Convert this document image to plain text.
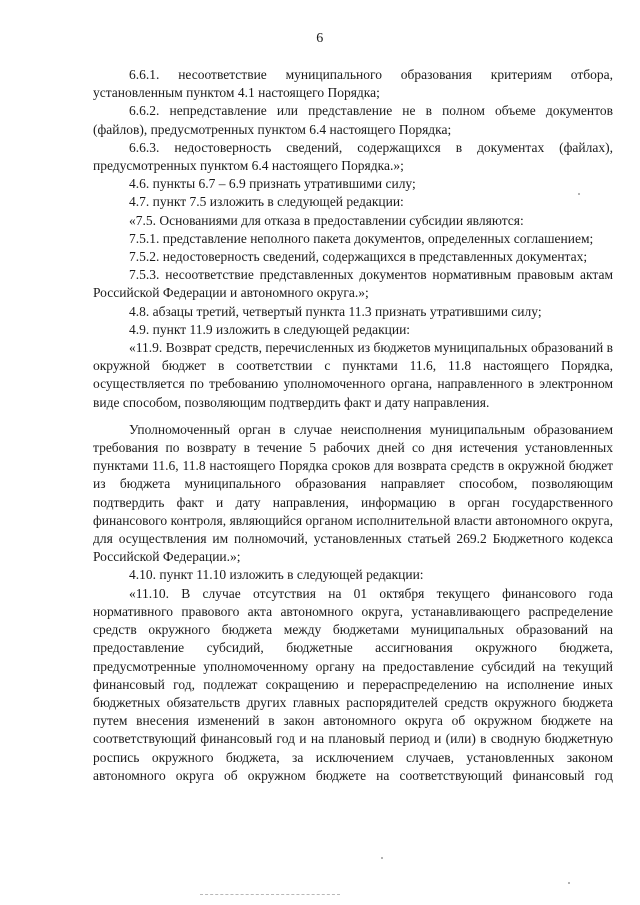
6

6.6.1. несоответствие муниципального образования критериям отбора, установленным пунктом 4.1 настоящего Порядка;

6.6.2. непредставление или представление не в полном объеме документов (файлов), предусмотренных пунктом 6.4 настоящего Порядка;

6.6.3. недостоверность сведений, содержащихся в документах (файлах), предусмотренных пунктом 6.4 настоящего Порядка.»;

4.6. пункты 6.7 – 6.9 признать утратившими силу;

4.7. пункт 7.5 изложить в следующей редакции:

«7.5. Основаниями для отказа в предоставлении субсидии являются:

7.5.1. представление неполного пакета документов, определенных соглашением;

7.5.2. недостоверность сведений, содержащихся в представленных документах;

7.5.3. несоответствие представленных документов нормативным правовым актам Российской Федерации и автономного округа.»;

4.8. абзацы третий, четвертый пункта 11.3 признать утратившими силу;

4.9. пункт 11.9 изложить в следующей редакции:

«11.9. Возврат средств, перечисленных из бюджетов муниципальных образований в окружной бюджет в соответствии с пунктами 11.6, 11.8 настоящего Порядка, осуществляется по требованию уполномоченного органа, направленного в электронном виде способом, позволяющим подтвердить факт и дату направления.

Уполномоченный орган в случае неисполнения муниципальным образованием требования по возврату в течение 5 рабочих дней со дня истечения установленных пунктами 11.6, 11.8 настоящего Порядка сроков для возврата средств в окружной бюджет из бюджета муниципального образования направляет способом, позволяющим подтвердить факт и дату направления, информацию в орган государственного финансового контроля, являющийся органом исполнительной власти автономного округа, для осуществления им полномочий, установленных статьей 269.2 Бюджетного кодекса Российской Федерации.»;

4.10. пункт 11.10 изложить в следующей редакции:

«11.10. В случае отсутствия на 01 октября текущего финансового года нормативного правового акта автономного округа, устанавливающего распределение средств окружного бюджета между бюджетами муниципальных образований на предоставление субсидий, бюджетные ассигнования окружного бюджета, предусмотренные уполномоченному органу на предоставление субсидий на текущий финансовый год, подлежат сокращению и перераспределению на исполнение иных бюджетных обязательств других главных распорядителей средств окружного бюджета путем внесения изменений в закон автономного округа об окружном бюджете на соответствующий финансовый год и на плановый период и (или) в сводную бюджетную роспись окружного бюджета, за исключением случаев, установленных законом автономного округа об окружном бюджете на соответствующий финансовый год
